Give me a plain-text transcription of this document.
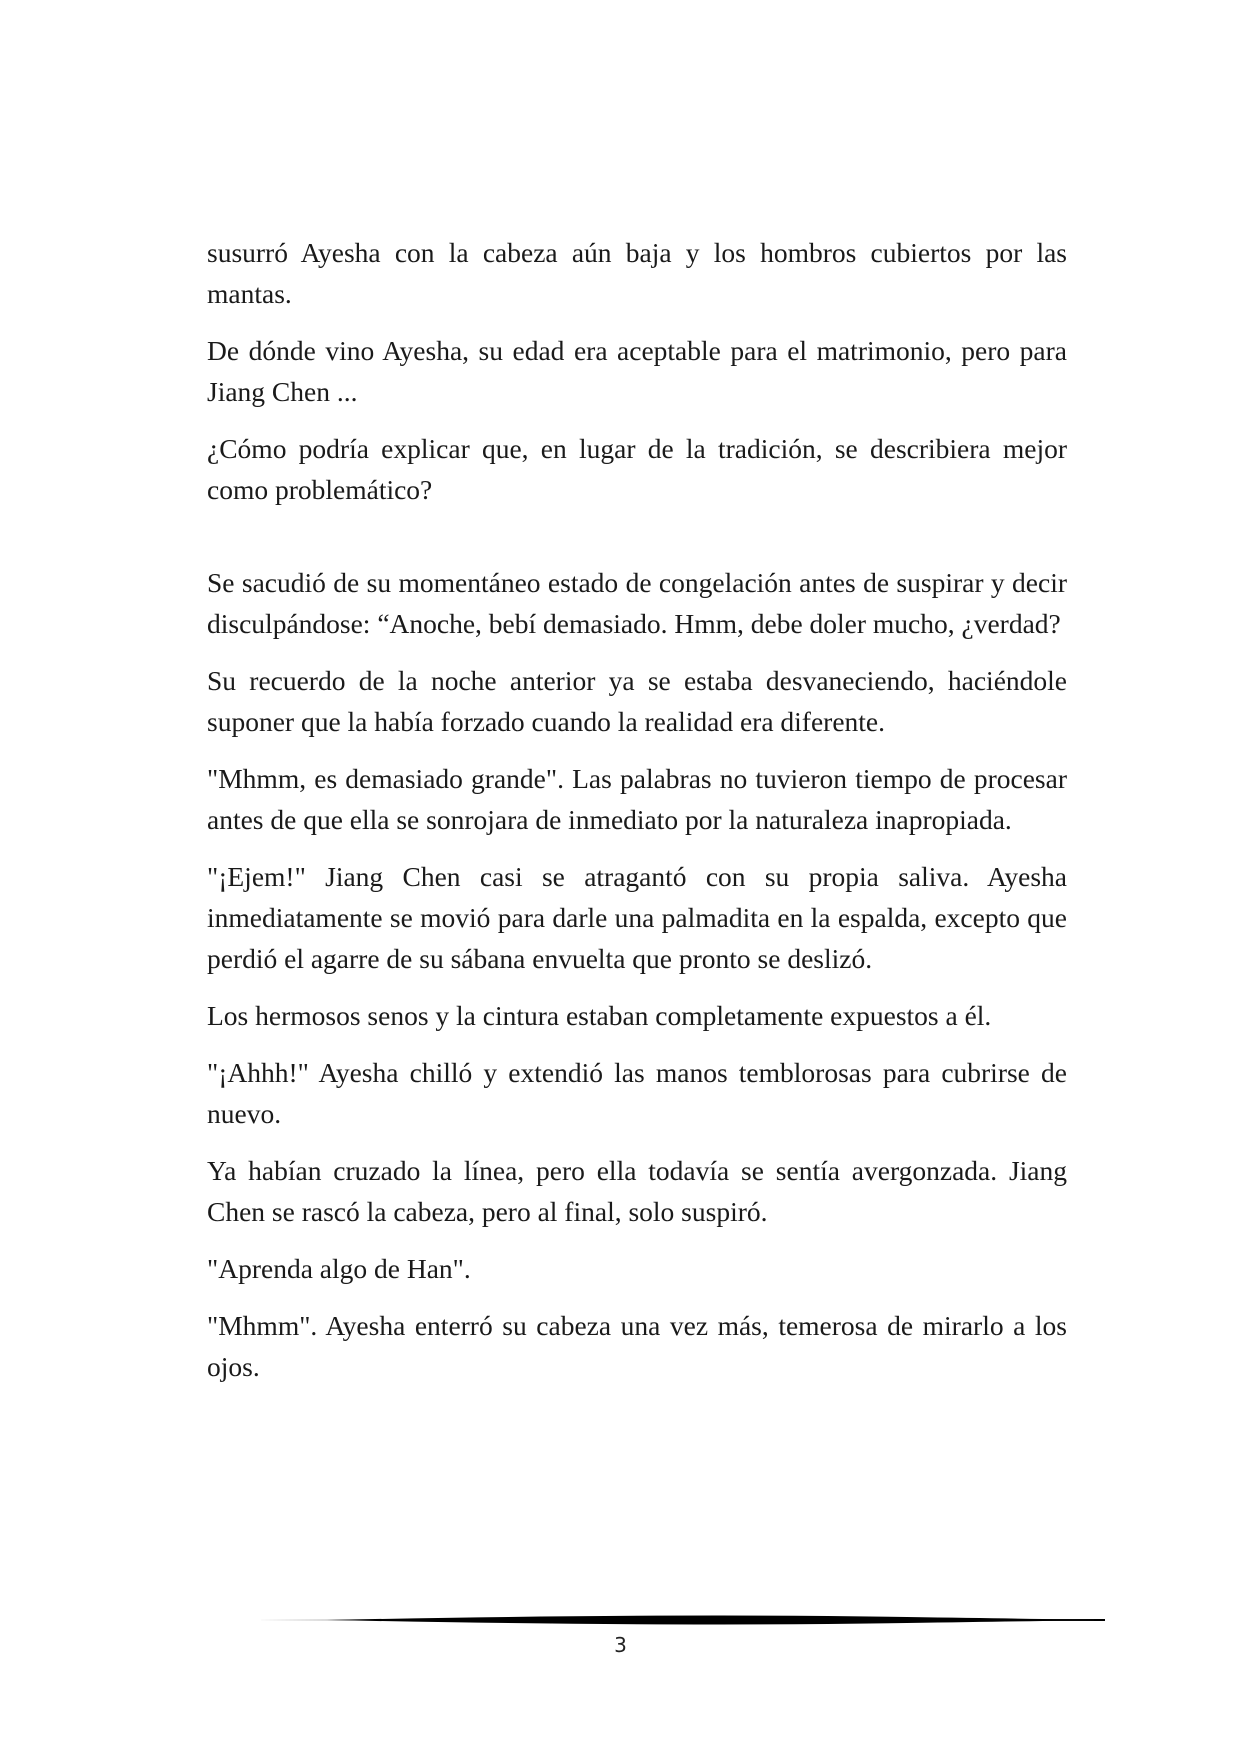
susurró Ayesha con la cabeza aún baja y los hombros cubiertos por las mantas.

De dónde vino Ayesha, su edad era aceptable para el matrimonio, pero para Jiang Chen ...

¿Cómo podría explicar que, en lugar de la tradición, se describiera mejor como problemático?

Se sacudió de su momentáneo estado de congelación antes de suspirar y decir disculpándose: “Anoche, bebí demasiado. Hmm, debe doler mucho, ¿verdad?

Su recuerdo de la noche anterior ya se estaba desvaneciendo, haciéndole suponer que la había forzado cuando la realidad era diferente.

"Mhmm, es demasiado grande". Las palabras no tuvieron tiempo de procesar antes de que ella se sonrojara de inmediato por la naturaleza inapropiada.

"¡Ejem!" Jiang Chen casi se atragantó con su propia saliva. Ayesha inmediatamente se movió para darle una palmadita en la espalda, excepto que perdió el agarre de su sábana envuelta que pronto se deslizó.

Los hermosos senos y la cintura estaban completamente expuestos a él.

"¡Ahhh!" Ayesha chilló y extendió las manos temblorosas para cubrirse de nuevo.

Ya habían cruzado la línea, pero ella todavía se sentía avergonzada. Jiang Chen se rascó la cabeza, pero al final, solo suspiró.

"Aprenda algo de Han".

"Mhmm". Ayesha enterró su cabeza una vez más, temerosa de mirarlo a los ojos.

3
